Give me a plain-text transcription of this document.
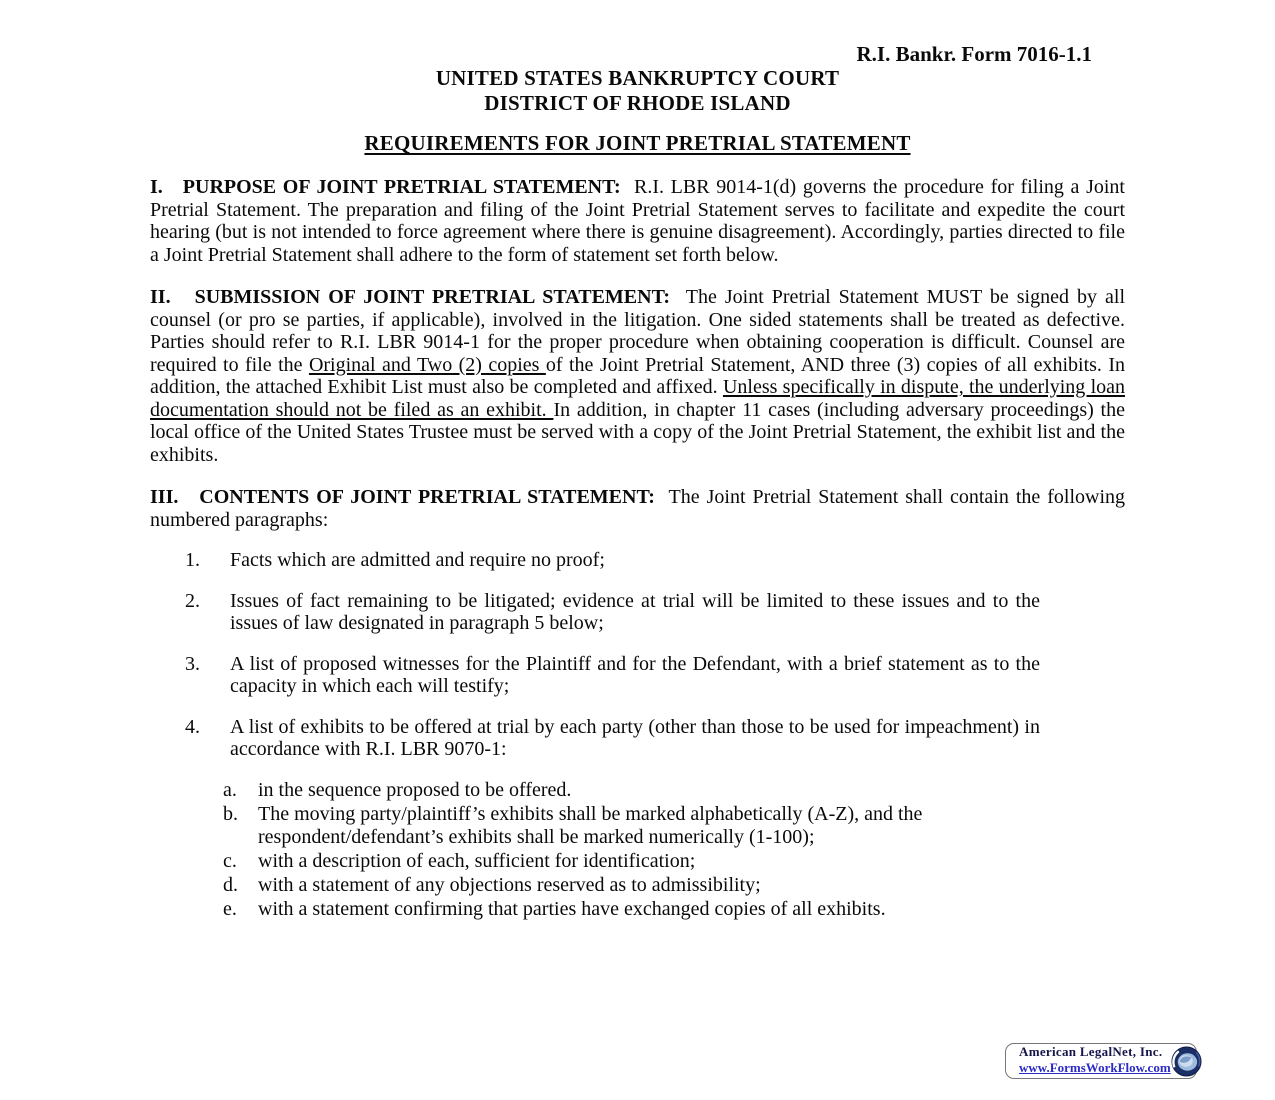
R.I. Bankr. Form 7016-1.1
UNITED STATES BANKRUPTCY COURT
DISTRICT OF RHODE ISLAND
REQUIREMENTS FOR JOINT PRETRIAL STATEMENT

I.   PURPOSE OF JOINT PRETRIAL STATEMENT:  R.I. LBR 9014-1(d) governs the procedure for filing a Joint Pretrial Statement. The preparation and filing of the Joint Pretrial Statement serves to facilitate and expedite the court hearing (but is not intended to force agreement where there is genuine disagreement). Accordingly, parties directed to file a Joint Pretrial Statement shall adhere to the form of statement set forth below.

II.   SUBMISSION OF JOINT PRETRIAL STATEMENT:  The Joint Pretrial Statement MUST be signed by all counsel (or pro se parties, if applicable), involved in the litigation. One sided statements shall be treated as defective. Parties should refer to R.I. LBR 9014-1 for the proper procedure when obtaining cooperation is difficult. Counsel are required to file the Original and Two (2) copies of the Joint Pretrial Statement, AND three (3) copies of all exhibits. In addition, the attached Exhibit List must also be completed and affixed. Unless specifically in dispute, the underlying loan documentation should not be filed as an exhibit. In addition, in chapter 11 cases (including adversary proceedings) the local office of the United States Trustee must be served with a copy of the Joint Pretrial Statement, the exhibit list and the exhibits.

III.   CONTENTS OF JOINT PRETRIAL STATEMENT:  The Joint Pretrial Statement shall contain the following numbered paragraphs:

1.	Facts which are admitted and require no proof;
2.	Issues of fact remaining to be litigated; evidence at trial will be limited to these issues and to the issues of law designated in paragraph 5 below;
3.	A list of proposed witnesses for the Plaintiff and for the Defendant, with a brief statement as to the capacity in which each will testify;
4.	A list of exhibits to be offered at trial by each party (other than those to be used for impeachment) in accordance with R.I. LBR 9070-1:
a.	in the sequence proposed to be offered.
b.	The moving party/plaintiff’s exhibits shall be marked alphabetically (A-Z), and the respondent/defendant’s exhibits shall be marked numerically (1-100);
c.	with a description of each, sufficient for identification;
d.	with a statement of any objections reserved as to admissibility;
e.	with a statement confirming that parties have exchanged copies of all exhibits.
American LegalNet, Inc.
www.FormsWorkFlow.com
